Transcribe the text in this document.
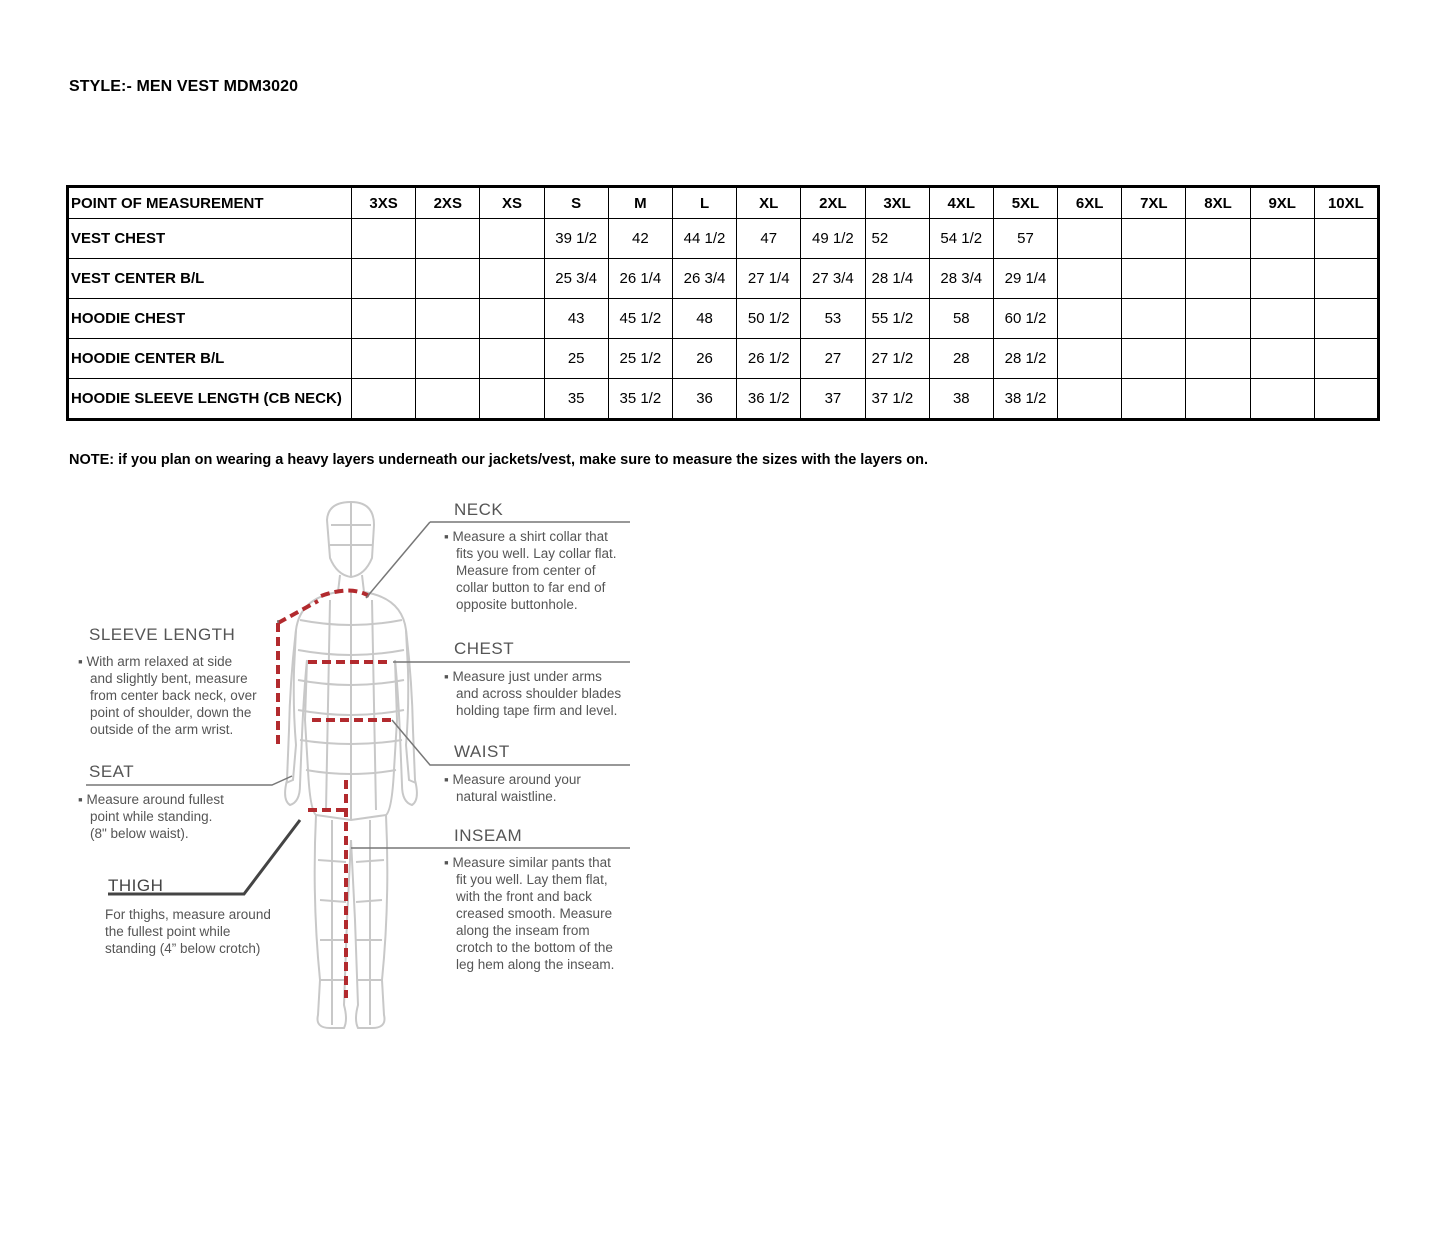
STYLE:- MEN VEST MDM3020
POINT OF MEASUREMENT	3XS	2XS	XS	S	M	L	XL	2XL	3XL	4XL	5XL	6XL	7XL	8XL	9XL	10XL
VEST CHEST				39 1/2	42	44 1/2	47	49 1/2	52	54 1/2	57					
VEST CENTER B/L				25 3/4	26 1/4	26 3/4	27 1/4	27 3/4	28 1/4	28 3/4	29 1/4					
HOODIE CHEST				43	45 1/2	48	50 1/2	53	55 1/2	58	60 1/2					
HOODIE CENTER B/L				25	25 1/2	26	26 1/2	27	27 1/2	28	28 1/2					
HOODIE SLEEVE LENGTH (CB NECK)				35	35 1/2	36	36 1/2	37	37 1/2	38	38 1/2					
NOTE: if you plan on wearing a heavy layers underneath our jackets/vest, make sure to measure the sizes with the layers on.
NECK
▪ Measure a shirt collar that
fits you well. Lay collar flat.
Measure from center of
collar button to far end of
opposite buttonhole.
CHEST
▪ Measure just under arms
and across shoulder blades
holding tape firm and level.
WAIST
▪ Measure around your
natural waistline.
INSEAM
▪ Measure similar pants that
fit you well. Lay them flat,
with the front and back
creased smooth. Measure
along the inseam from
crotch to the bottom of the
leg hem along the inseam.
SLEEVE LENGTH
▪ With arm relaxed at side
and slightly bent, measure
from center back neck, over
point of shoulder, down the
outside of the arm wrist.
SEAT
▪ Measure around fullest
point while standing.
(8" below waist).
THIGH
For thighs, measure around
the fullest point while
standing (4” below crotch)
